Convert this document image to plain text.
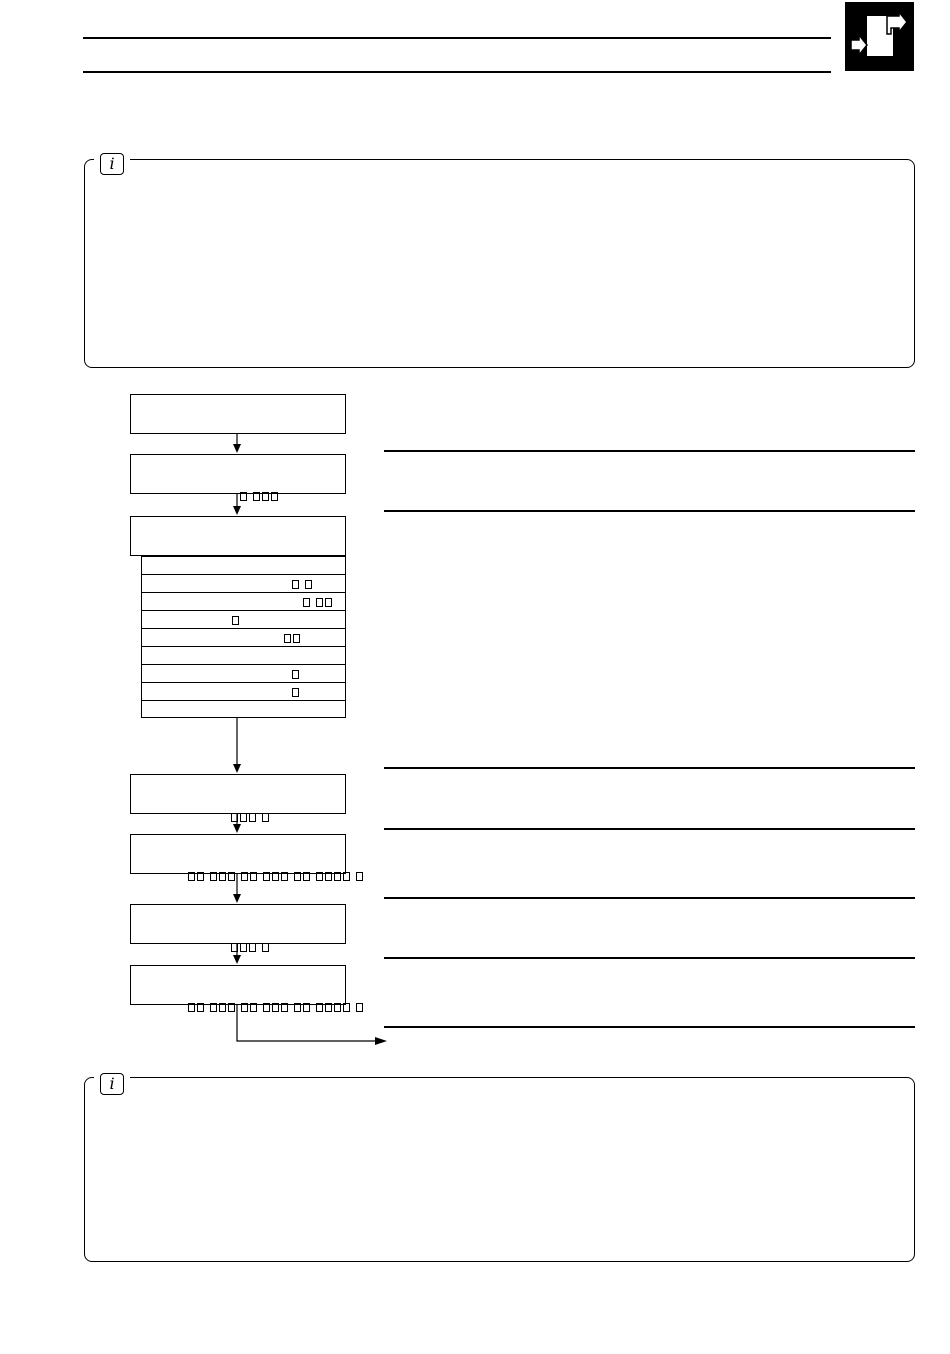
i

i
